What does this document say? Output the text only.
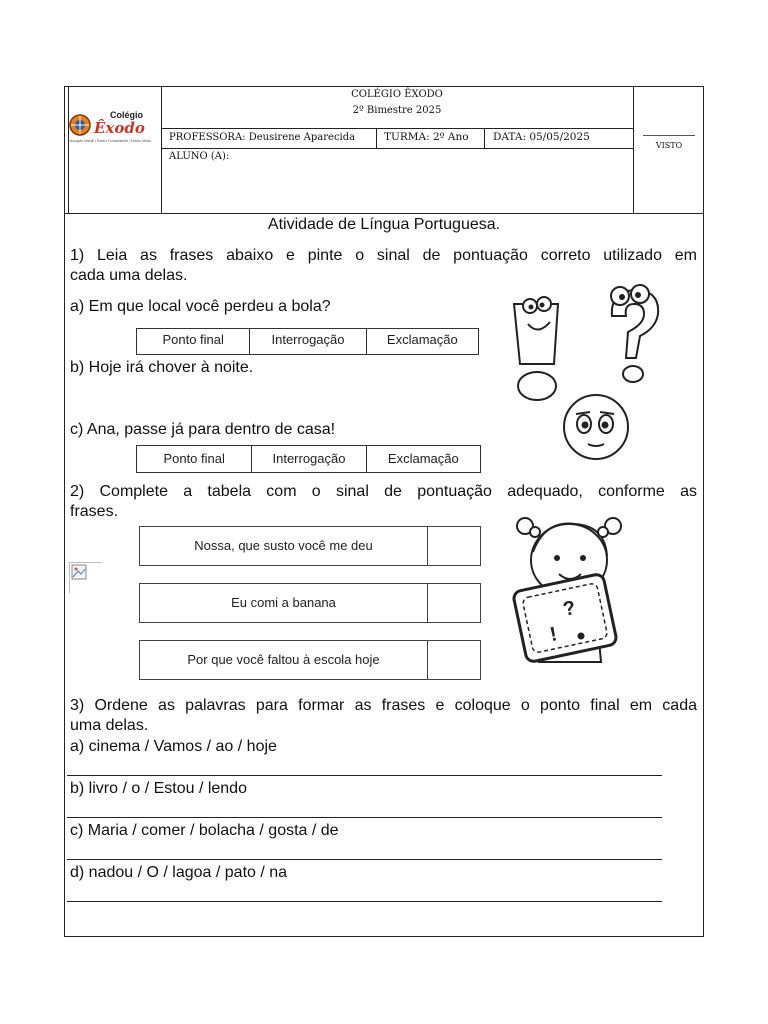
Colégio
Êxodo
Educação Infantil | Ensino Fundamental | Ensino Médio
COLÉGIO ÊXODO
2º Bimestre 2025
PROFESSORA: Deusirene Aparecida	TURMA: 2º Ano DATA: 05/05/2025
ALUNO (A):
VISTO
Atividade de Língua Portuguesa.
1) Leia as frases abaixo e pinte o sinal de pontuação correto utilizado em
cada uma delas.
a) Em que local você perdeu a bola?
Ponto final	Interrogação	Exclamação
b) Hoje irá chover à noite.
c) Ana, passe já para dentro de casa!
Ponto final	Interrogação	Exclamação
2) Complete a tabela com o sinal de pontuação adequado, conforme as
frases.
Nossa, que susto você me deu
Eu comi a banana
Por que você faltou à escola hoje
?
!
3) Ordene as palavras para formar as frases e coloque o ponto final em cada
uma delas.
a) cinema / Vamos / ao / hoje
b) livro / o / Estou / lendo
c) Maria / comer / bolacha / gosta / de
d) nadou / O / lagoa / pato / na
